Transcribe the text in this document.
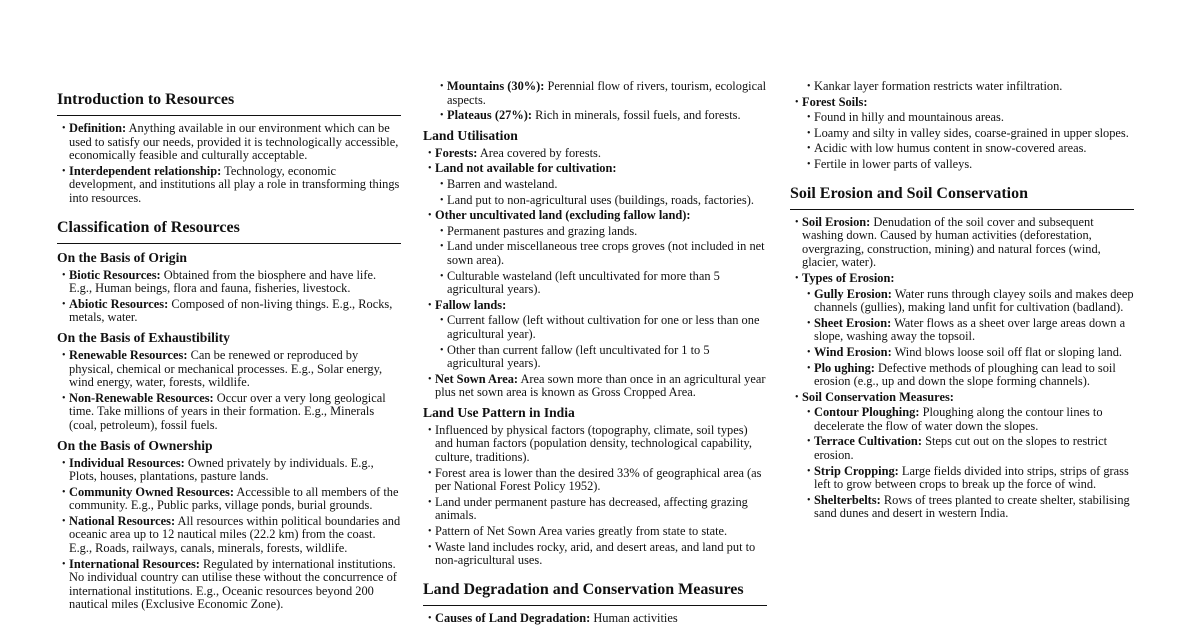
Introduction to Resources
• Definition: Anything available in our environment which can be used to satisfy our needs, provided it is technologically accessible, economically feasible and culturally acceptable.
• Interdependent relationship: Technology, economic development, and institutions all play a role in transforming things into resources.
Classification of Resources
On the Basis of Origin
• Biotic Resources: Obtained from the biosphere and have life. E.g., Human beings, flora and fauna, fisheries, livestock.
• Abiotic Resources: Composed of non-living things. E.g., Rocks, metals, water.
On the Basis of Exhaustibility
• Renewable Resources: Can be renewed or reproduced by physical, chemical or mechanical processes. E.g., Solar energy, wind energy, water, forests, wildlife.
• Non-Renewable Resources: Occur over a very long geological time. Take millions of years in their formation. E.g., Minerals (coal, petroleum), fossil fuels.
On the Basis of Ownership
• Individual Resources: Owned privately by individuals. E.g., Plots, houses, plantations, pasture lands.
• Community Owned Resources: Accessible to all members of the community. E.g., Public parks, village ponds, burial grounds.
• National Resources: All resources within political boundaries and oceanic area up to 12 nautical miles (22.2 km) from the coast. E.g., Roads, railways, canals, minerals, forests, wildlife.
• International Resources: Regulated by international institutions. No individual country can utilise these without the concurrence of international institutions. E.g., Oceanic resources beyond 200 nautical miles (Exclusive Economic Zone).
• Mountains (30%): Perennial flow of rivers, tourism, ecological aspects.
• Plateaus (27%): Rich in minerals, fossil fuels, and forests.
Land Utilisation
• Forests: Area covered by forests.
• Land not available for cultivation:
• Barren and wasteland.
• Land put to non-agricultural uses (buildings, roads, factories).
• Other uncultivated land (excluding fallow land):
• Permanent pastures and grazing lands.
• Land under miscellaneous tree crops groves (not included in net sown area).
• Culturable wasteland (left uncultivated for more than 5 agricultural years).
• Fallow lands:
• Current fallow (left without cultivation for one or less than one agricultural year).
• Other than current fallow (left uncultivated for 1 to 5 agricultural years).
• Net Sown Area: Area sown more than once in an agricultural year plus net sown area is known as Gross Cropped Area.
Land Use Pattern in India
• Influenced by physical factors (topography, climate, soil types) and human factors (population density, technological capability, culture, traditions).
• Forest area is lower than the desired 33% of geographical area (as per National Forest Policy 1952).
• Land under permanent pasture has decreased, affecting grazing animals.
• Pattern of Net Sown Area varies greatly from state to state.
• Waste land includes rocky, arid, and desert areas, and land put to non-agricultural uses.
Land Degradation and Conservation Measures
• Causes of Land Degradation: Human activities
• Kankar layer formation restricts water infiltration.
• Forest Soils:
• Found in hilly and mountainous areas.
• Loamy and silty in valley sides, coarse-grained in upper slopes.
• Acidic with low humus content in snow-covered areas.
• Fertile in lower parts of valleys.
Soil Erosion and Soil Conservation
• Soil Erosion: Denudation of the soil cover and subsequent washing down. Caused by human activities (deforestation, overgrazing, construction, mining) and natural forces (wind, glacier, water).
• Types of Erosion:
• Gully Erosion: Water runs through clayey soils and makes deep channels (gullies), making land unfit for cultivation (badland).
• Sheet Erosion: Water flows as a sheet over large areas down a slope, washing away the topsoil.
• Wind Erosion: Wind blows loose soil off flat or sloping land.
• Plo ughing: Defective methods of ploughing can lead to soil erosion (e.g., up and down the slope forming channels).
• Soil Conservation Measures:
• Contour Ploughing: Ploughing along the contour lines to decelerate the flow of water down the slopes.
• Terrace Cultivation: Steps cut out on the slopes to restrict erosion.
• Strip Cropping: Large fields divided into strips, strips of grass left to grow between crops to break up the force of wind.
• Shelterbelts: Rows of trees planted to create shelter, stabilising sand dunes and desert in western India.
